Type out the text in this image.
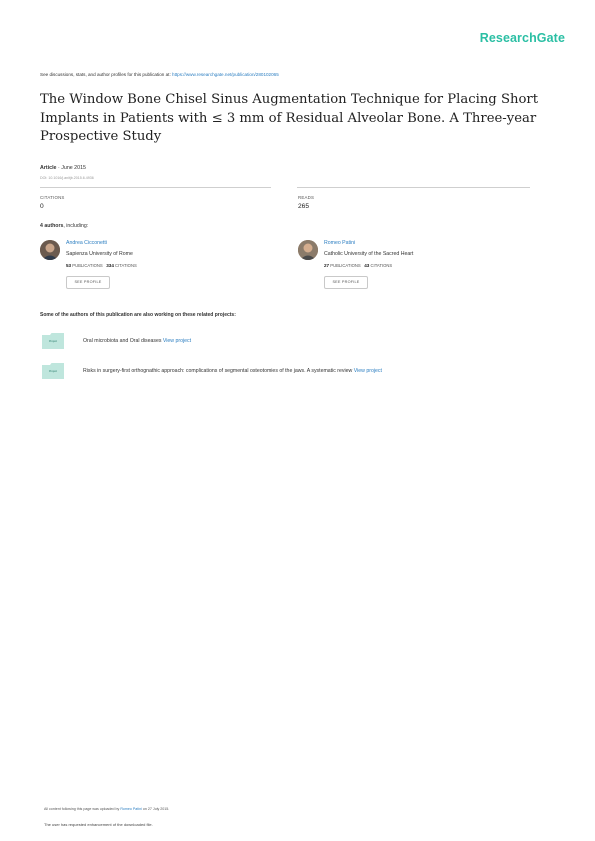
ResearchGate
See discussions, stats, and author profiles for this publication at: https://www.researchgate.net/publication/280102065
The Window Bone Chisel Sinus Augmentation Technique for Placing Short Implants in Patients with ≤ 3 mm of Residual Alveolar Bone. A Three-year Prospective Study
Article · June 2015
DOI: 10.1016/j.anitjb.2015.6.4936
CITATIONS
0
READS
265
4 authors, including:
Andrea Cicconetti
Sapienza University of Rome
53 PUBLICATIONS 334 CITATIONS
SEE PROFILE
Romeo Patini
Catholic University of the Sacred Heart
27 PUBLICATIONS 43 CITATIONS
SEE PROFILE
Some of the authors of this publication are also working on these related projects:
Project	Oral microbiota and Oral diseases View project
Project	Risks in surgery-first orthognathic approach: complications of segmental osteotomies of the jaws. A systematic review View project
All content following this page was uploaded by Romeo Patini on 27 July 2015.
The user has requested enhancement of the downloaded file.
